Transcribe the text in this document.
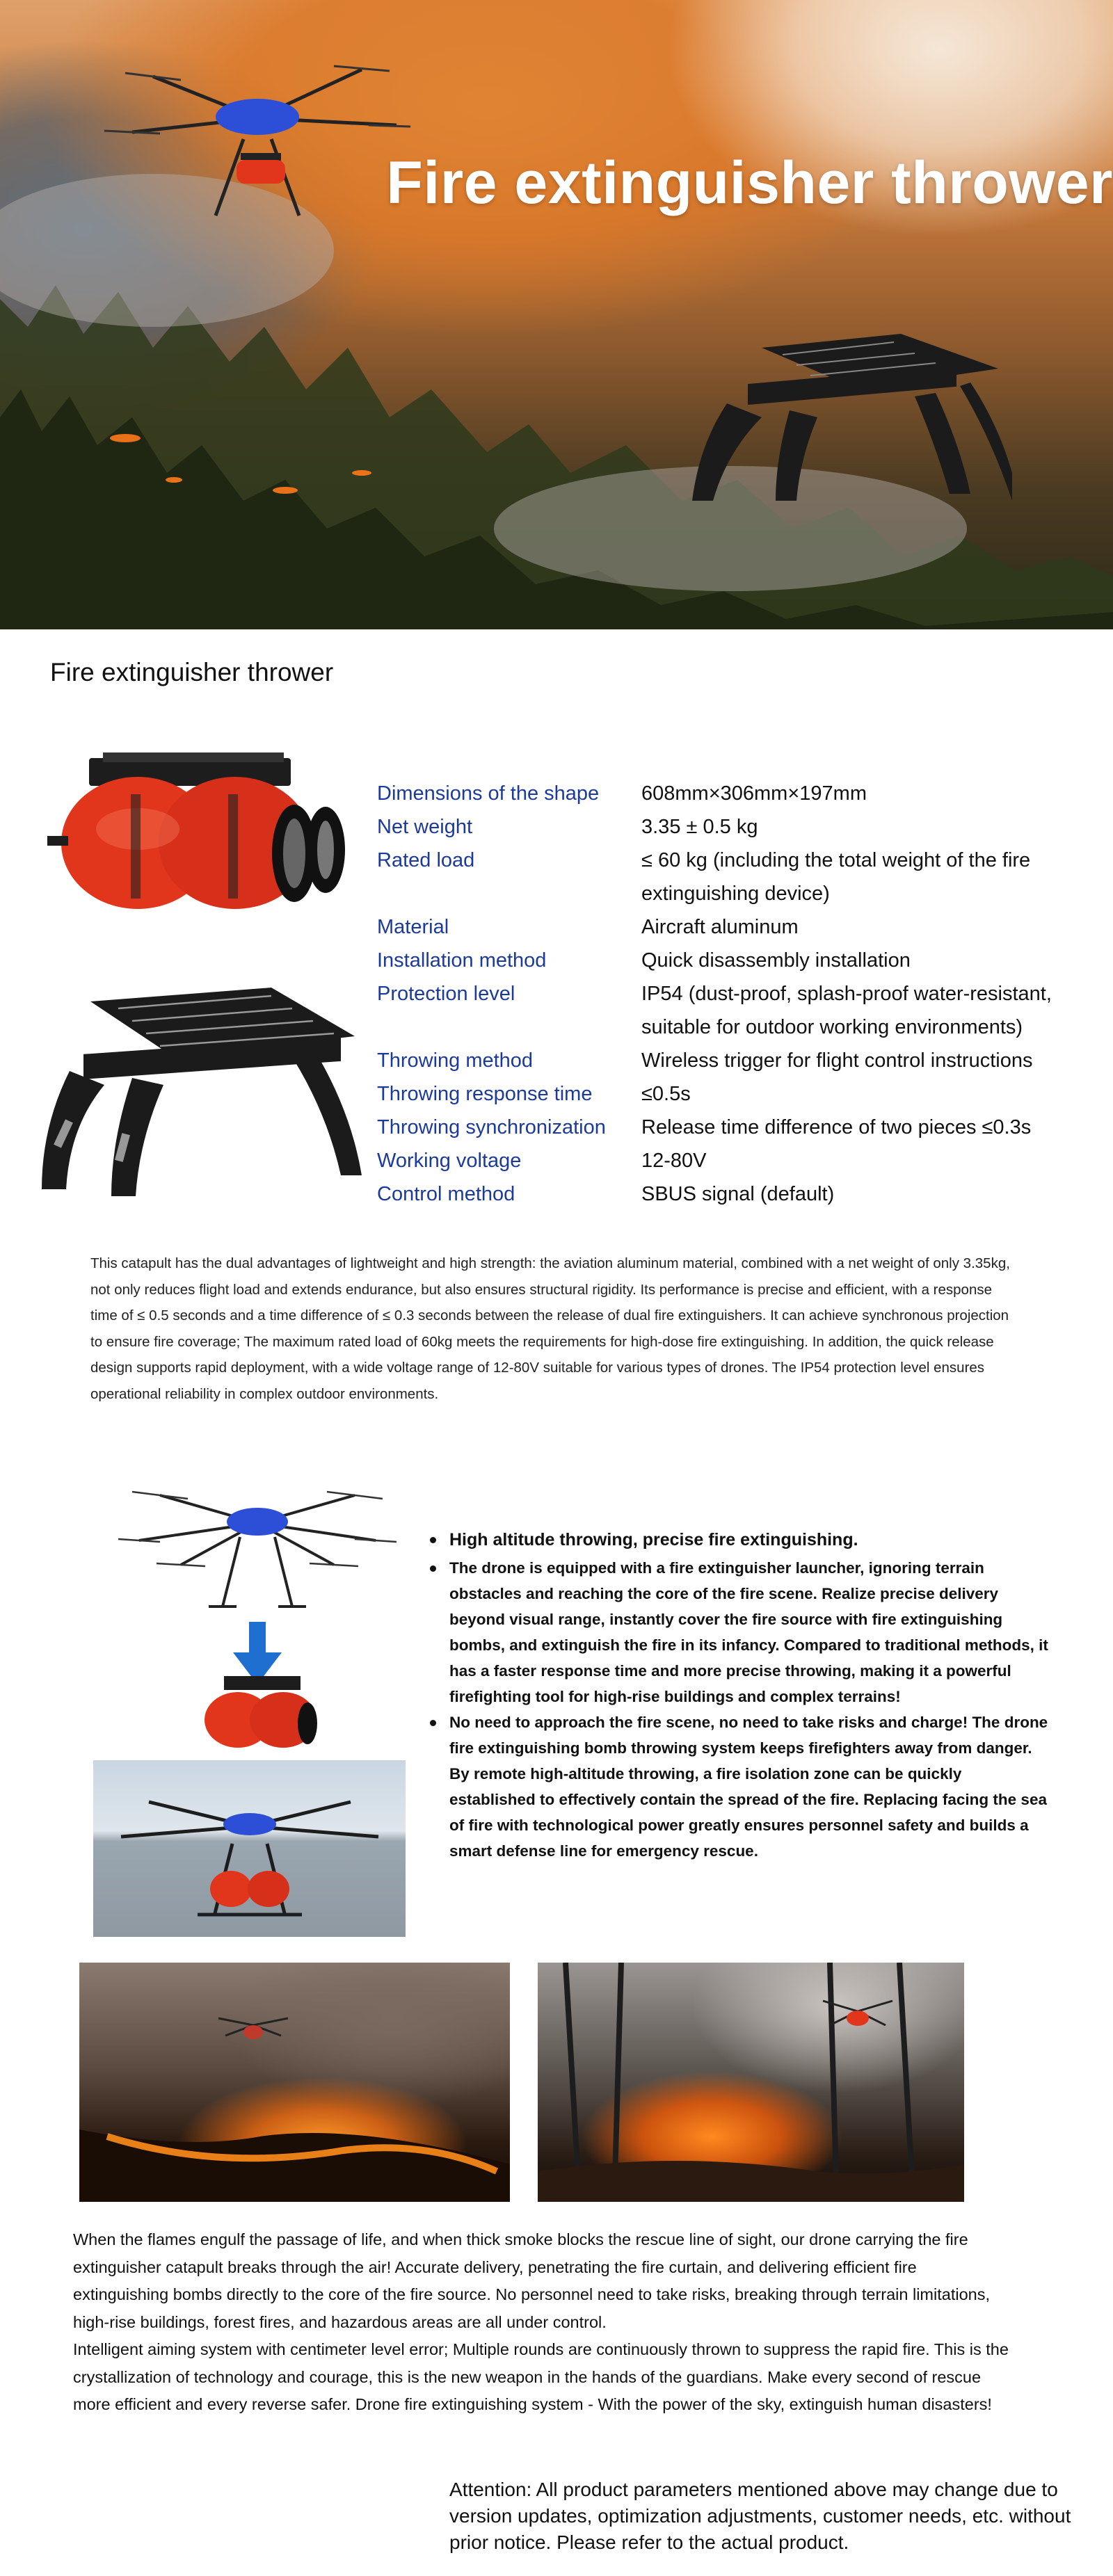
Fire extinguisher thrower
Fire extinguisher thrower
Dimensions of the shape	608mm×306mm×197mm
Net weight	3.35 ± 0.5 kg
Rated load	≤ 60 kg (including the total weight of the fire extinguishing device)
Material	Aircraft aluminum
Installation method	Quick disassembly installation
Protection level	IP54 (dust-proof, splash-proof water-resistant, suitable for outdoor working environments)
Throwing method	Wireless trigger for flight control instructions
Throwing response time	≤0.5s
Throwing synchronization	Release time difference of two pieces ≤0.3s
Working voltage	12-80V
Control method	SBUS signal (default)

This catapult has the dual advantages of lightweight and high strength: the aviation aluminum material, combined with a net weight of only 3.35kg, not only reduces flight load and extends endurance, but also ensures structural rigidity. Its performance is precise and efficient, with a response time of ≤ 0.5 seconds and a time difference of ≤ 0.3 seconds between the release of dual fire extinguishers. It can achieve synchronous projection to ensure fire coverage; The maximum rated load of 60kg meets the requirements for high-dose fire extinguishing. In addition, the quick release design supports rapid deployment, with a wide voltage range of 12-80V suitable for various types of drones. The IP54 protection level ensures operational reliability in complex outdoor environments.

High altitude throwing, precise fire extinguishing.
The drone is equipped with a fire extinguisher launcher, ignoring terrain obstacles and reaching the core of the fire scene. Realize precise delivery beyond visual range, instantly cover the fire source with fire extinguishing bombs, and extinguish the fire in its infancy. Compared to traditional methods, it has a faster response time and more precise throwing, making it a powerful firefighting tool for high-rise buildings and complex terrains!
No need to approach the fire scene, no need to take risks and charge! The drone fire extinguishing bomb throwing system keeps firefighters away from danger. By remote high-altitude throwing, a fire isolation zone can be quickly established to effectively contain the spread of the fire. Replacing facing the sea of fire with technological power greatly ensures personnel safety and builds a smart defense line for emergency rescue.

When the flames engulf the passage of life, and when thick smoke blocks the rescue line of sight, our drone carrying the fire extinguisher catapult breaks through the air! Accurate delivery, penetrating the fire curtain, and delivering efficient fire extinguishing bombs directly to the core of the fire source. No personnel need to take risks, breaking through terrain limitations, high-rise buildings, forest fires, and hazardous areas are all under control.

Intelligent aiming system with centimeter level error; Multiple rounds are continuously thrown to suppress the rapid fire. This is the crystallization of technology and courage, this is the new weapon in the hands of the guardians. Make every second of rescue more efficient and every reverse safer. Drone fire extinguishing system - With the power of the sky, extinguish human disasters!

Attention: All product parameters mentioned above may change due to version updates, optimization adjustments, customer needs, etc. without prior notice. Please refer to the actual product.
